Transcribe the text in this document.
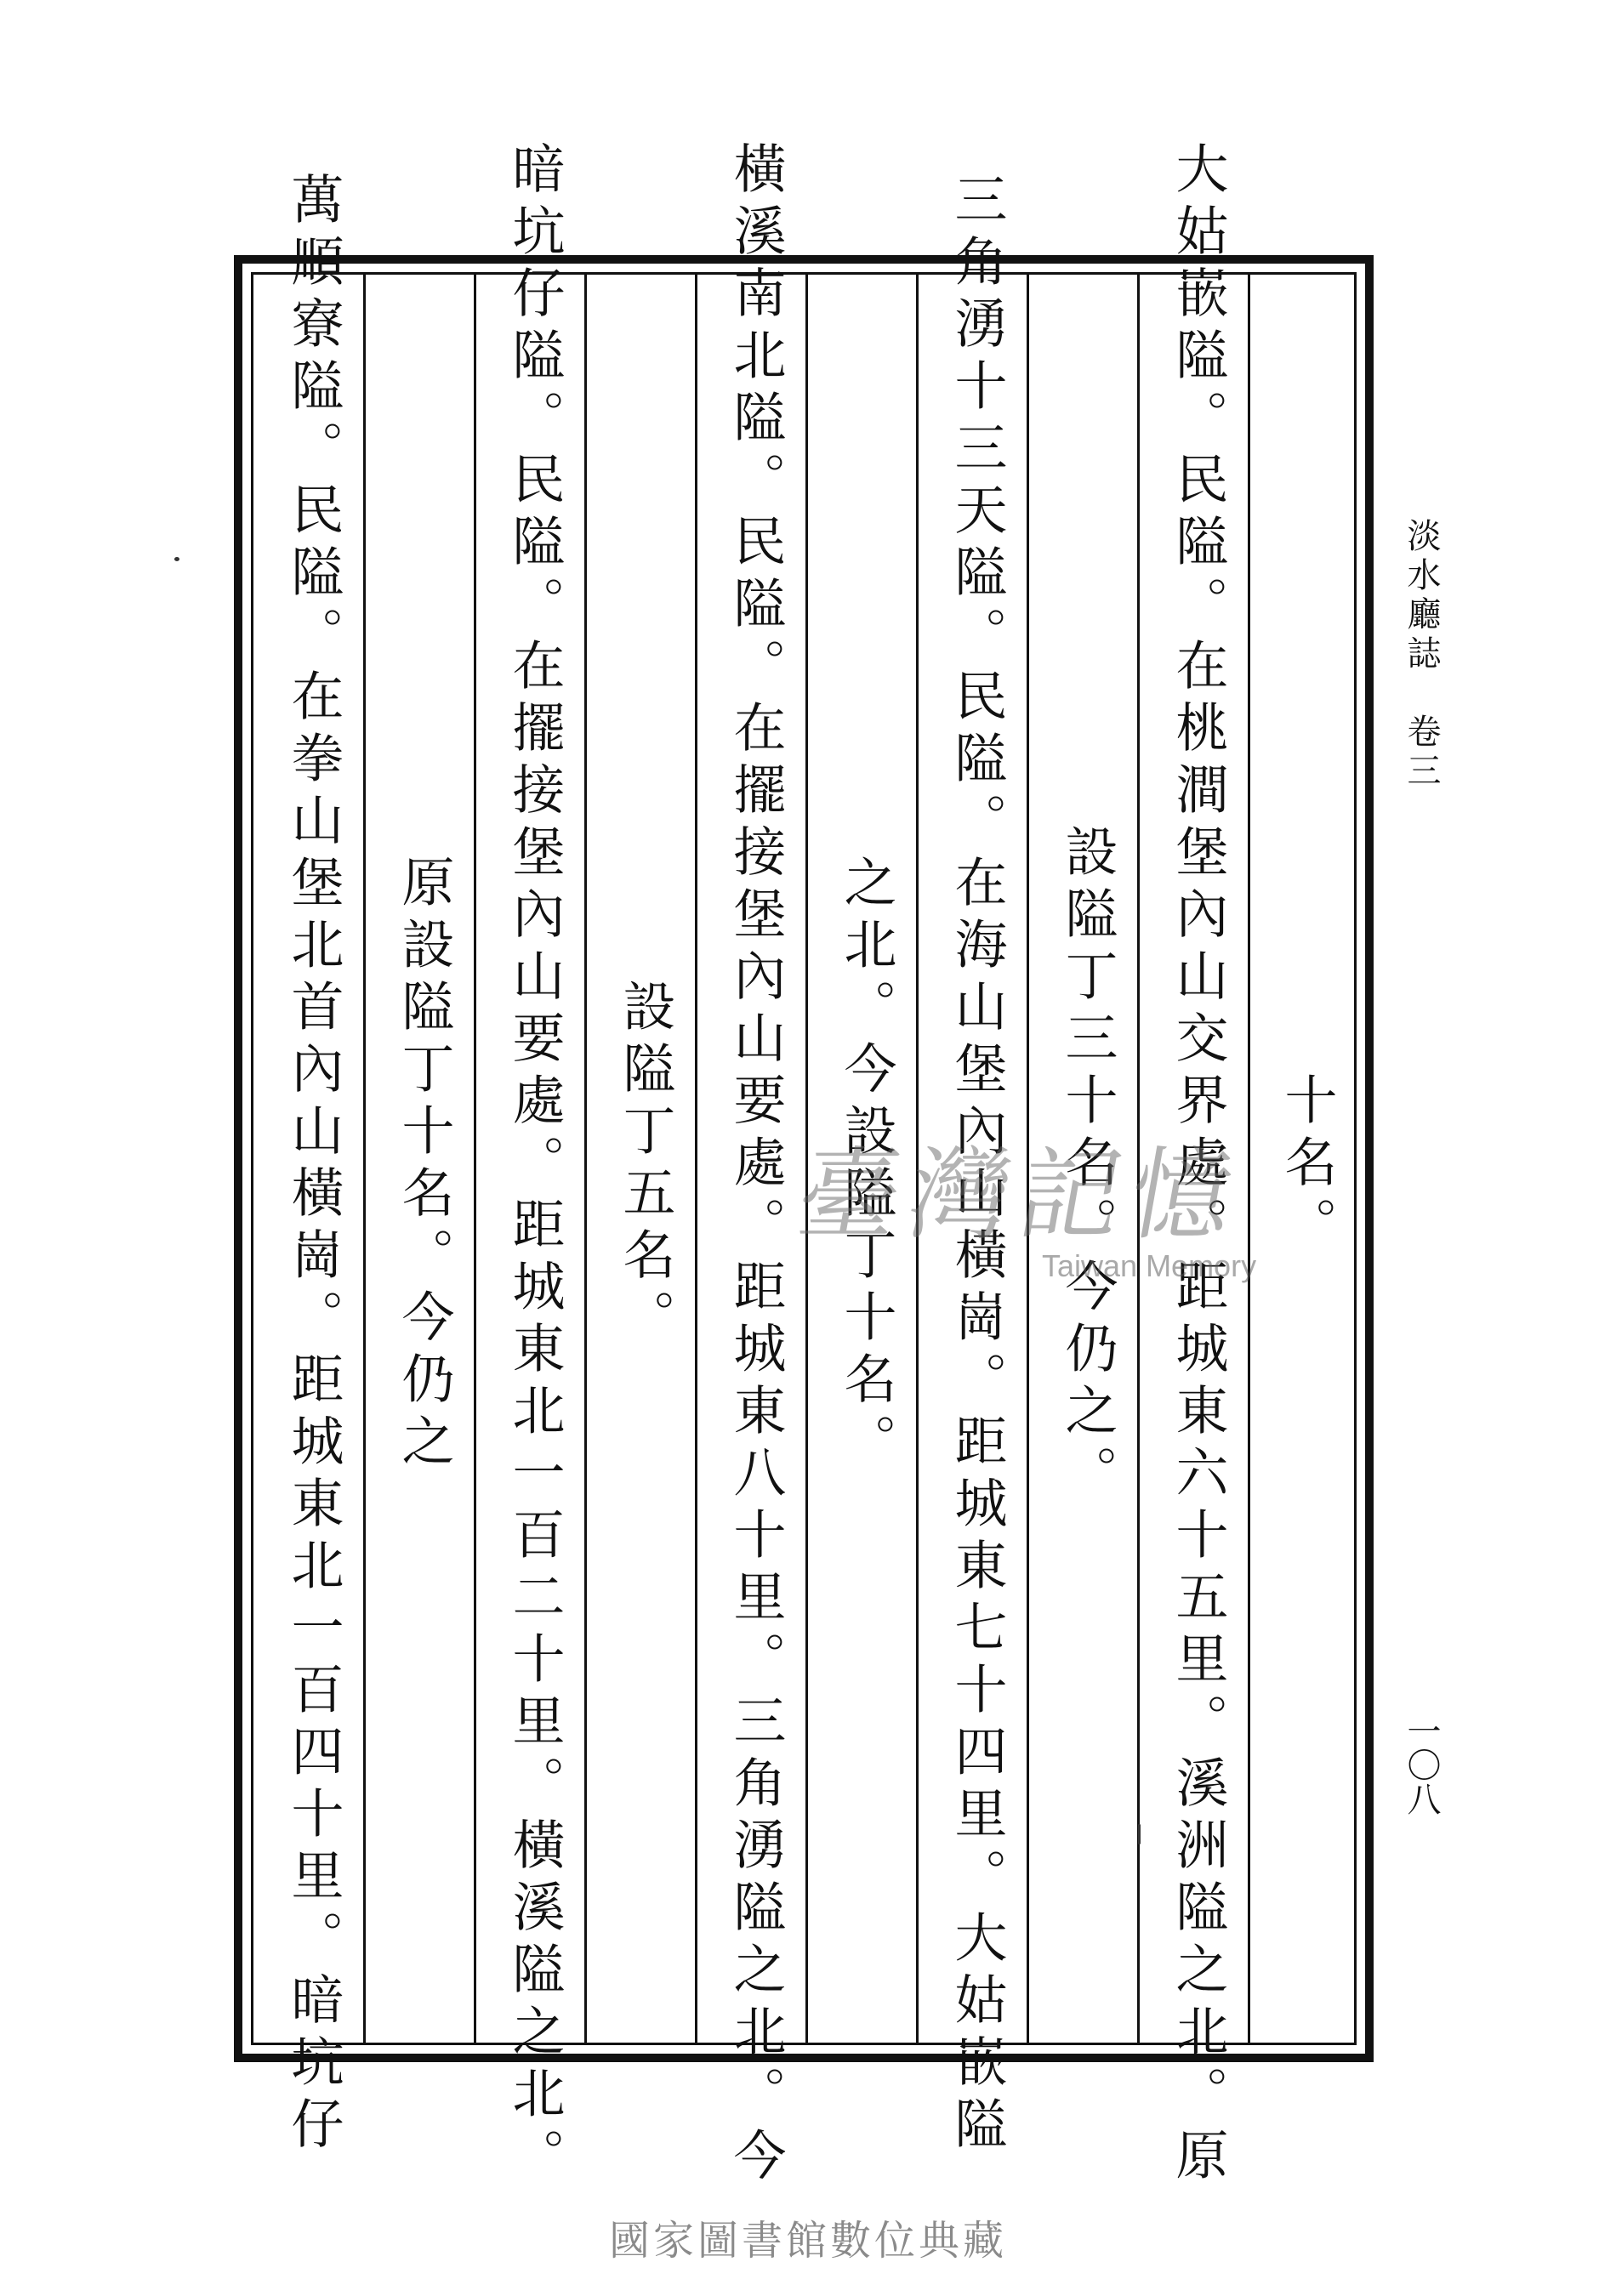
十名。
大姑嵌隘。民隘。在桃澗堡內山交界處。距城東六十五里。溪洲隘之北。原
設隘丁三十名。今仍之。
三角湧十三天隘。民隘。在海山堡內山橫崗。距城東七十四里。大姑嵌隘
之北。今設隘丁十名。
橫溪南北隘。民隘。在擺接堡內山要處。距城東八十里。三角湧隘之北。今
設隘丁五名。
暗坑仔隘。民隘。在擺接堡內山要處。距城東北一百二十里。橫溪隘之北。
原設隘丁十名。今仍之
萬順寮隘。民隘。在拳山堡北首內山橫崗。距城東北一百四十里。暗坑仔	淡水廳誌　卷三
一〇八
臺灣記憶
Taiwan Memory
國家圖書館數位典藏
